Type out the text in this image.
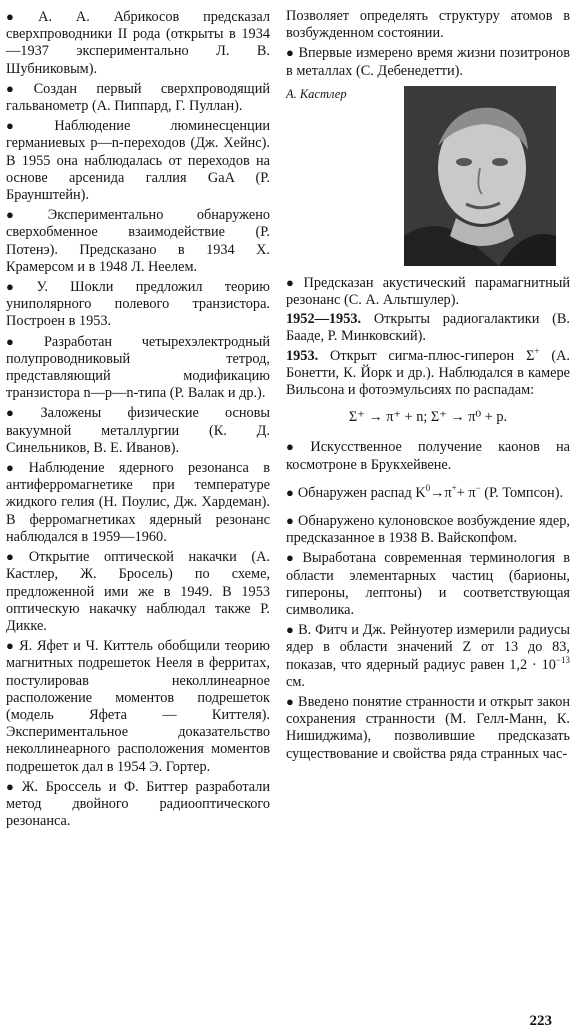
● А. А. Абрикосов предсказал сверхпроводники II рода (открыты в 1934—1937 экспериментально Л. В. Шубниковым).

● Создан первый сверхпроводящий гальванометр (А. Пиппард, Г. Пуллан).

● Наблюдение люминесценции германиевых p—n-переходов (Дж. Хейнс). В 1955 она наблюдалась от переходов на основе арсенида галлия GaA (Р. Браунштейн).

● Экспериментально обнаружено сверхобменное взаимодействие (Р. Потенэ). Предсказано в 1934 Х. Крамерсом и в 1948 Л. Неелем.

● У. Шокли предложил теорию униполярного полевого транзистора. Построен в 1953.

● Разработан четырехэлектродный полупроводниковый тетрод, представляющий модификацию транзистора n—p—n-типа (Р. Валак и др.).

● Заложены физические основы вакуумной металлургии (К. Д. Синельников, В. Е. Иванов).

● Наблюдение ядерного резонанса в антиферромагнетике при температуре жидкого гелия (Н. Поулис, Дж. Хардеман). В ферромагнетиках ядерный резонанс наблюдался в 1959—1960.

● Открытие оптической накачки (А. Кастлер, Ж. Бросель) по схеме, предложенной ими же в 1949. В 1953 оптическую накачку наблюдал также Р. Дикке.

● Я. Яфет и Ч. Киттель обобщили теорию магнитных подрешеток Нееля в ферритах, постулировав неколлинеарное расположение моментов подрешеток (модель Яфета — Киттеля). Экспериментальное доказательство неколлинеарного расположения моментов подрешеток дал в 1954 Э. Гортер.

● Ж. Броссель и Ф. Биттер разработали метод двойного радиооптического резонанса.

Позволяет определять структуру атомов в возбужденном состоянии.

● Впервые измерено время жизни позитронов в металлах (С. Дебенедетти).

А. Кастлер

● Предсказан акустический парамагнитный резонанс (С. А. Альтшулер).

1952—1953. Открыты радиогалактики (В. Бааде, Р. Минковский).

1953. Открыт сигма-плюс-гиперон Σ+ (А. Бонетти, К. Йорк и др.). Наблюдался в камере Вильсона и фотоэмульсиях по распадам:

Σ⁺ → π⁺ + n; Σ⁺ → π⁰ + p.

● Искусственное получение каонов на космотроне в Брукхейвене.

● Обнаружен распад $K^0\to\pi^++ \pi^-$ (Р. Томпсон).

● Обнаружено кулоновское возбуждение ядер, предсказанное в 1938 В. Вайскопфом.

● Выработана современная терминология в области элементарных частиц (барионы, гипероны, лептоны) и соответствующая символика.

● В. Фитч и Дж. Рейнуотер измерили радиусы ядер в области значений Z от 13 до 83, показав, что ядерный радиус равен $1,2 \cdot 10^{-13}$ см.

● Введено понятие странности и открыт закон сохранения странности (М. Гелл-Манн, К. Нишиджима), позволившие предсказать существование и свойства ряда странных час-

223
